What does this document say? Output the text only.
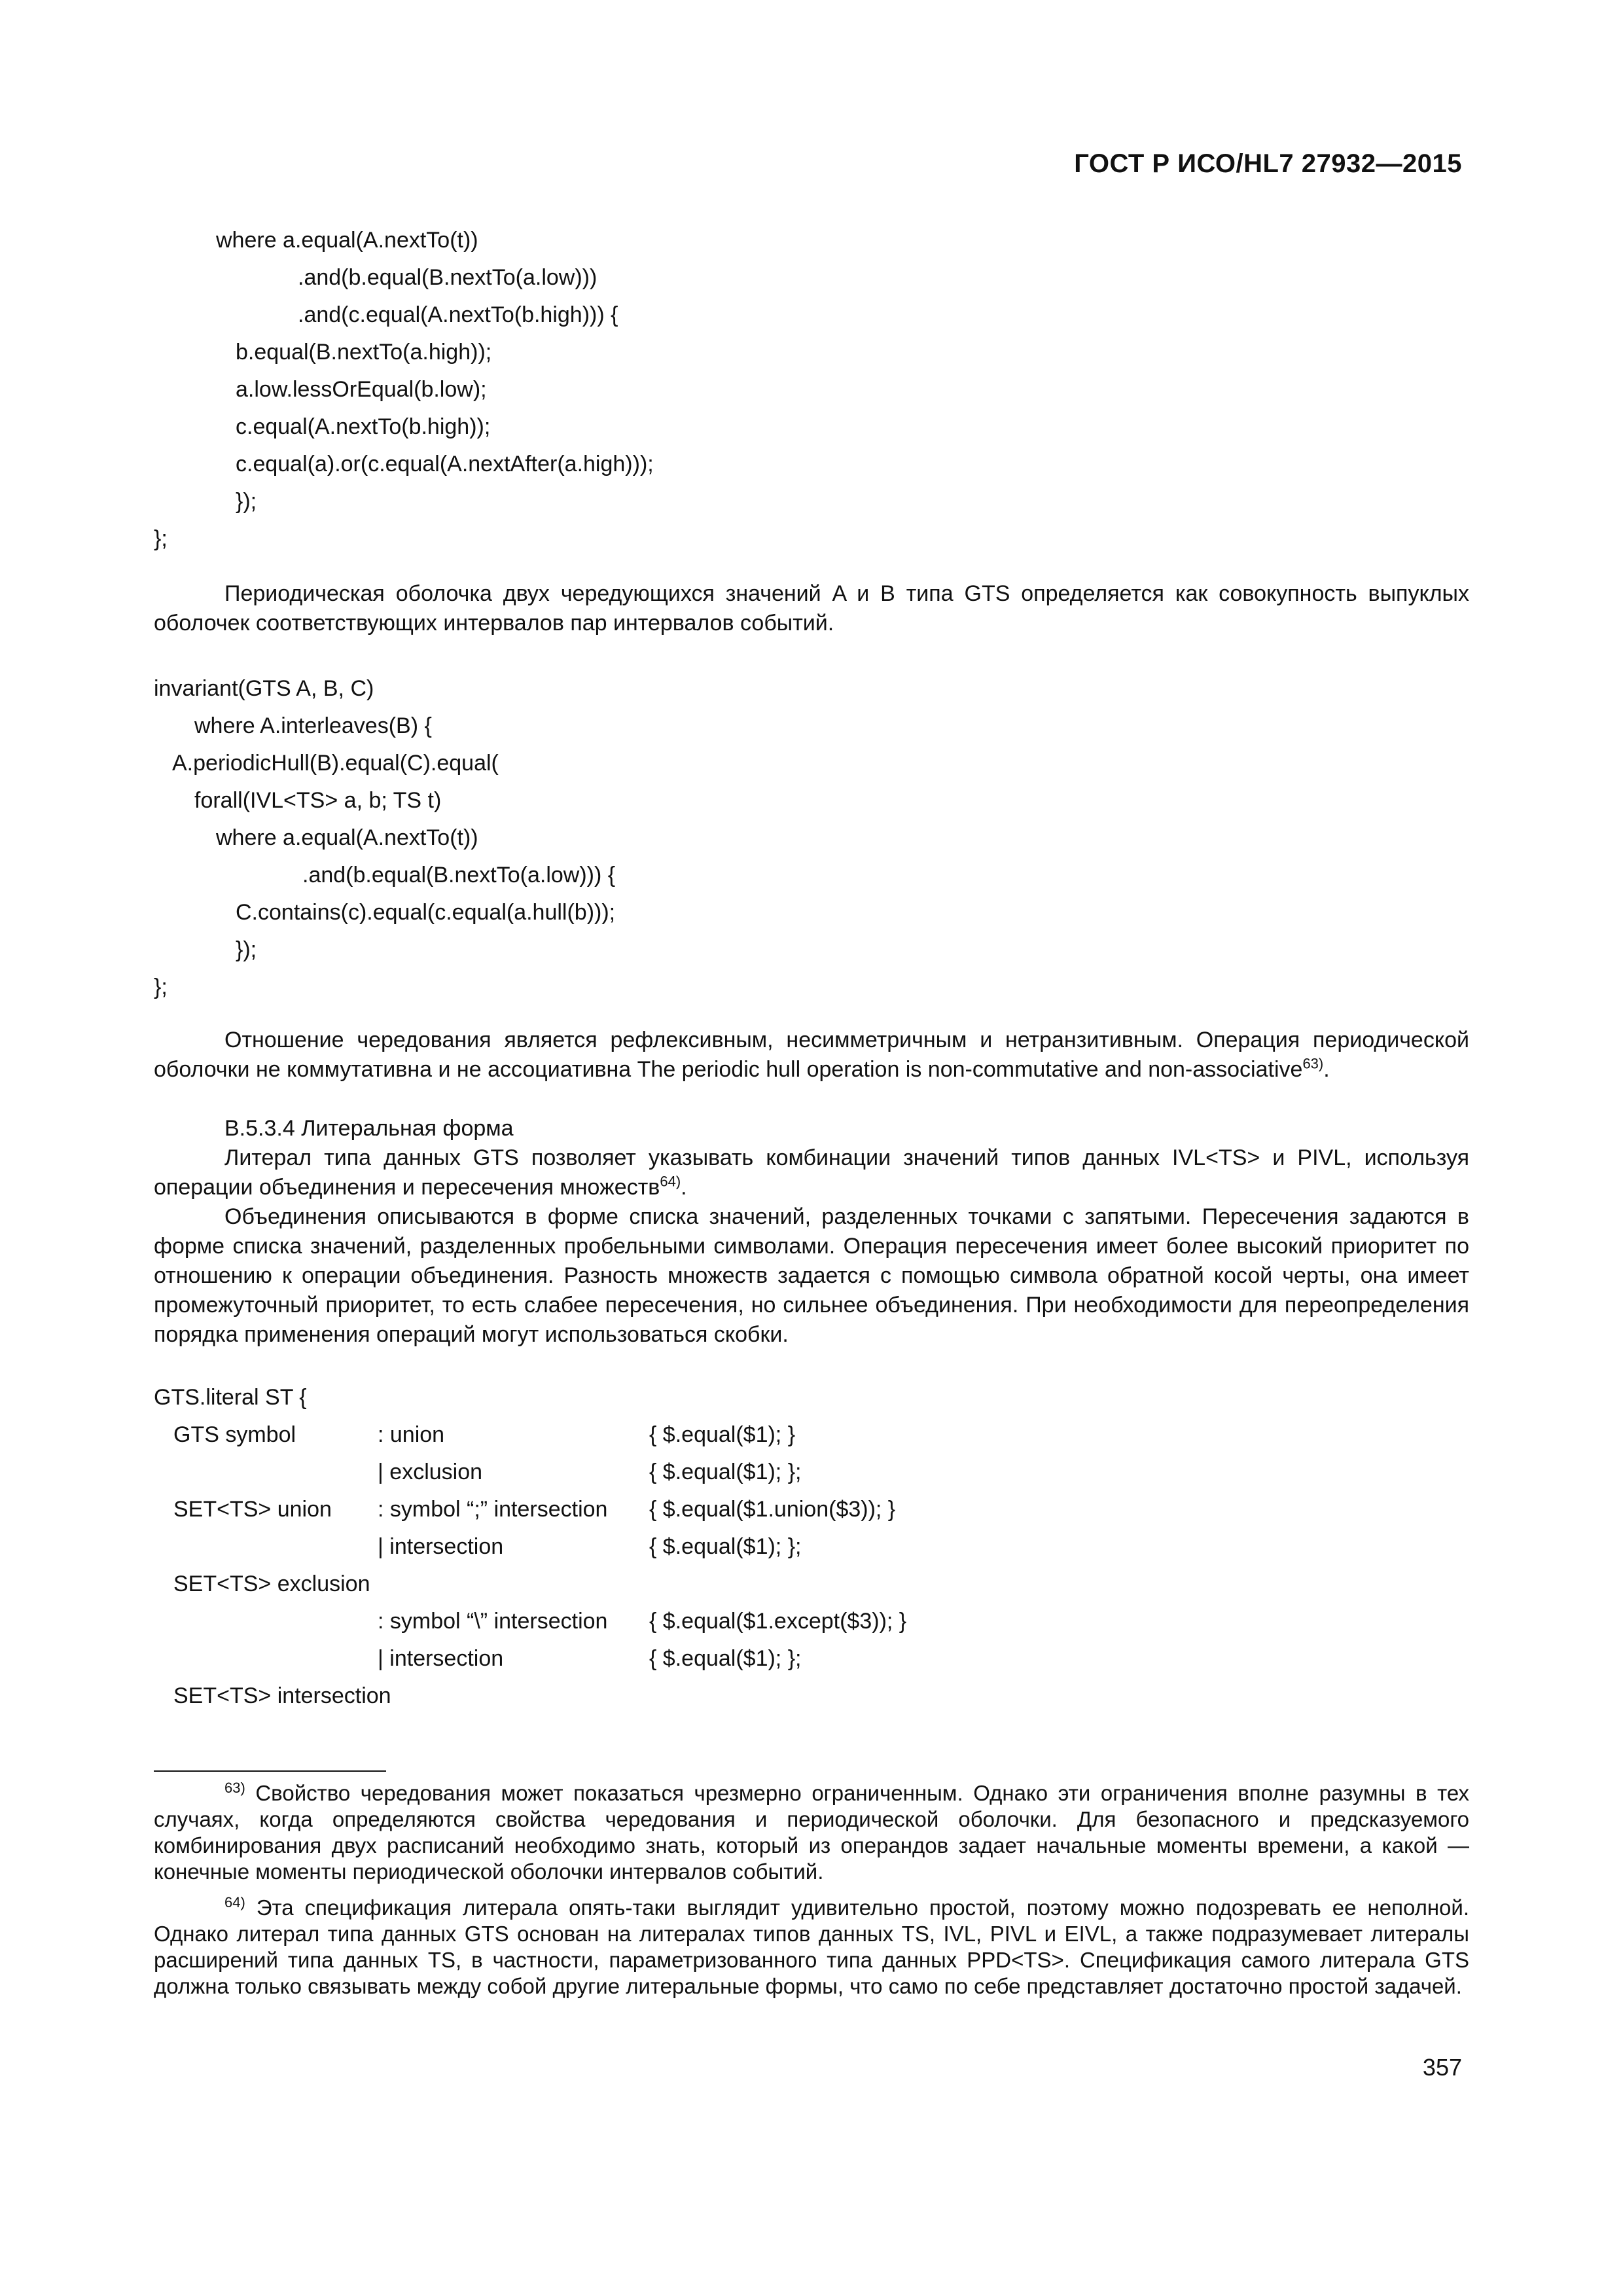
ГОСТ Р ИСО/HL7 27932—2015
where a.equal(A.nextTo(t))
.and(b.equal(B.nextTo(a.low)))
.and(c.equal(A.nextTo(b.high))) {
b.equal(B.nextTo(a.high));
a.low.lessOrEqual(b.low);
c.equal(A.nextTo(b.high));
c.equal(a).or(c.equal(A.nextAfter(a.high)));
});
};

Периодическая оболочка двух чередующихся значений A и B типа GTS определяется как совокупность выпуклых оболочек соответствующих интервалов пар интервалов событий.

invariant(GTS A, B, C)
where A.interleaves(B) {
A.periodicHull(B).equal(C).equal(
forall(IVL<TS> a, b; TS t)
where a.equal(A.nextTo(t))
.and(b.equal(B.nextTo(a.low))) {
C.contains(c).equal(c.equal(a.hull(b)));
});
};

Отношение чередования является рефлексивным, несимметричным и нетранзитивным. Операция периодической оболочки не коммутативна и не ассоциативна The periodic hull operation is non-commutative and non-associative$^{63)}$.

B.5.3.4 Литеральная форма

Литерал типа данных GTS позволяет указывать комбинации значений типов данных IVL<TS> и PIVL, используя операции объединения и пересечения множеств$^{64)}$.

Объединения описываются в форме списка значений, разделенных точками с запятыми. Пересечения задаются в форме списка значений, разделенных пробельными символами. Операция пересечения имеет более высокий приоритет по отношению к операции объединения. Разность множеств задается с помощью символа обратной косой черты, она имеет промежуточный приоритет, то есть слабее пересечения, но сильнее объединения. При необходимости для переопределения порядка применения операций могут использоваться скобки.

GTS.literal ST {
GTS symbol	: union	{ $.equal($1); }
| exclusion	{ $.equal($1); };
SET<TS> union : symbol “;” intersection { $.equal($1.union($3)); }
| intersection	{ $.equal($1); };
SET<TS> exclusion
: symbol “\” intersection { $.equal($1.except($3)); }
| intersection	{ $.equal($1); };
SET<TS> intersection

$^{63)}$ Свойство чередования может показаться чрезмерно ограниченным. Однако эти ограничения вполне разумны в тех случаях, когда определяются свойства чередования и периодической оболочки. Для безопасного и предсказуемого комбинирования двух расписаний необходимо знать, который из операндов задает начальные моменты времени, а какой — конечные моменты периодической оболочки интервалов событий.

$^{64)}$ Эта спецификация литерала опять-таки выглядит удивительно простой, поэтому можно подозревать ее неполной. Однако литерал типа данных GTS основан на литералах типов данных TS, IVL, PIVL и EIVL, а также подразумевает литералы расширений типа данных TS, в частности, параметризованного типа данных PPD<TS>. Спецификация самого литерала GTS должна только связывать между собой другие литеральные формы, что само по себе представляет достаточно простой задачей.

357
